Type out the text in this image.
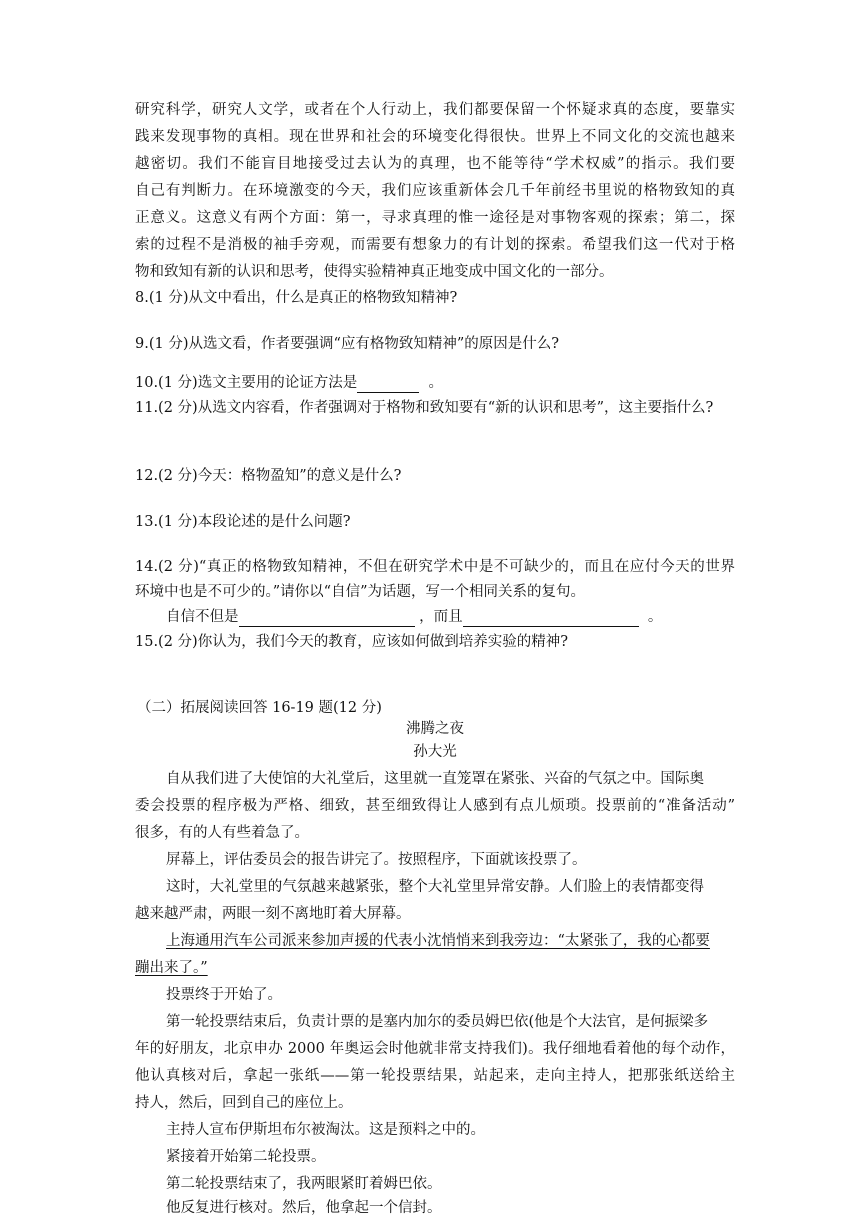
研究科学，研究人文学，或者在个人行动上，我们都要保留一个怀疑求真的态度，要靠实
践来发现事物的真相。现在世界和社会的环境变化得很快。世界上不同文化的交流也越来
越密切。我们不能盲目地接受过去认为的真理，也不能等待“学术权威”的指示。我们要
自己有判断力。在环境激变的今天，我们应该重新体会几千年前经书里说的格物致知的真
正意义。这意义有两个方面：第一，寻求真理的惟一途径是对事物客观的探索；第二，探
索的过程不是消极的袖手旁观，而需要有想象力的有计划的探索。希望我们这一代对于格
物和致知有新的认识和思考，使得实验精神真正地变成中国文化的一部分。
8.(1 分)从文中看出，什么是真正的格物致知精神?
9.(1 分)从选文看，作者要强调“应有格物致知精神”的原因是什么?
10.(1 分)选文主要用的论证方法是	。
11.(2 分)从选文内容看，作者强调对于格物和致知要有“新的认识和思考”，这主要指什么?
12.(2 分)今天：格物盈知”的意义是什么?
13.(1 分)本段论述的是什么问题?
14.(2 分)“真正的格物致知精神，不但在研究学术中是不可缺少的，而且在应付今天的世界
环境中也是不可少的。”请你以“自信”为话题，写一个相同关系的复句。
自信不但是	，而且	。
15.(2 分)你认为，我们今天的教育，应该如何做到培养实验的精神?
（二）拓展阅读回答 16-19 题(12 分)
沸腾之夜
孙大光
自从我们进了大使馆的大礼堂后，这里就一直笼罩在紧张、兴奋的气氛之中。国际奥
委会投票的程序极为严格、细致，甚至细致得让人感到有点儿烦琐。投票前的“准备活动”
很多，有的人有些着急了。
屏幕上，评估委员会的报告讲完了。按照程序，下面就该投票了。
这时，大礼堂里的气氛越来越紧张，整个大礼堂里异常安静。人们脸上的表情都变得
越来越严肃，两眼一刻不离地盯着大屏幕。
上海通用汽车公司派来参加声援的代表小沈悄悄来到我旁边：“太紧张了，我的心都要
蹦出来了。”
投票终于开始了。
第一轮投票结束后，负责计票的是塞内加尔的委员姆巴依(他是个大法官，是何振梁多
年的好朋友，北京申办 2000 年奥运会时他就非常支持我们)。我仔细地看着他的每个动作，
他认真核对后，拿起一张纸——第一轮投票结果，站起来，走向主持人，把那张纸送给主
持人，然后，回到自己的座位上。
主持人宣布伊斯坦布尔被淘汰。这是预料之中的。
紧接着开始第二轮投票。
第二轮投票结束了，我两眼紧盯着姆巴依。
他反复进行核对。然后，他拿起一个信封。
